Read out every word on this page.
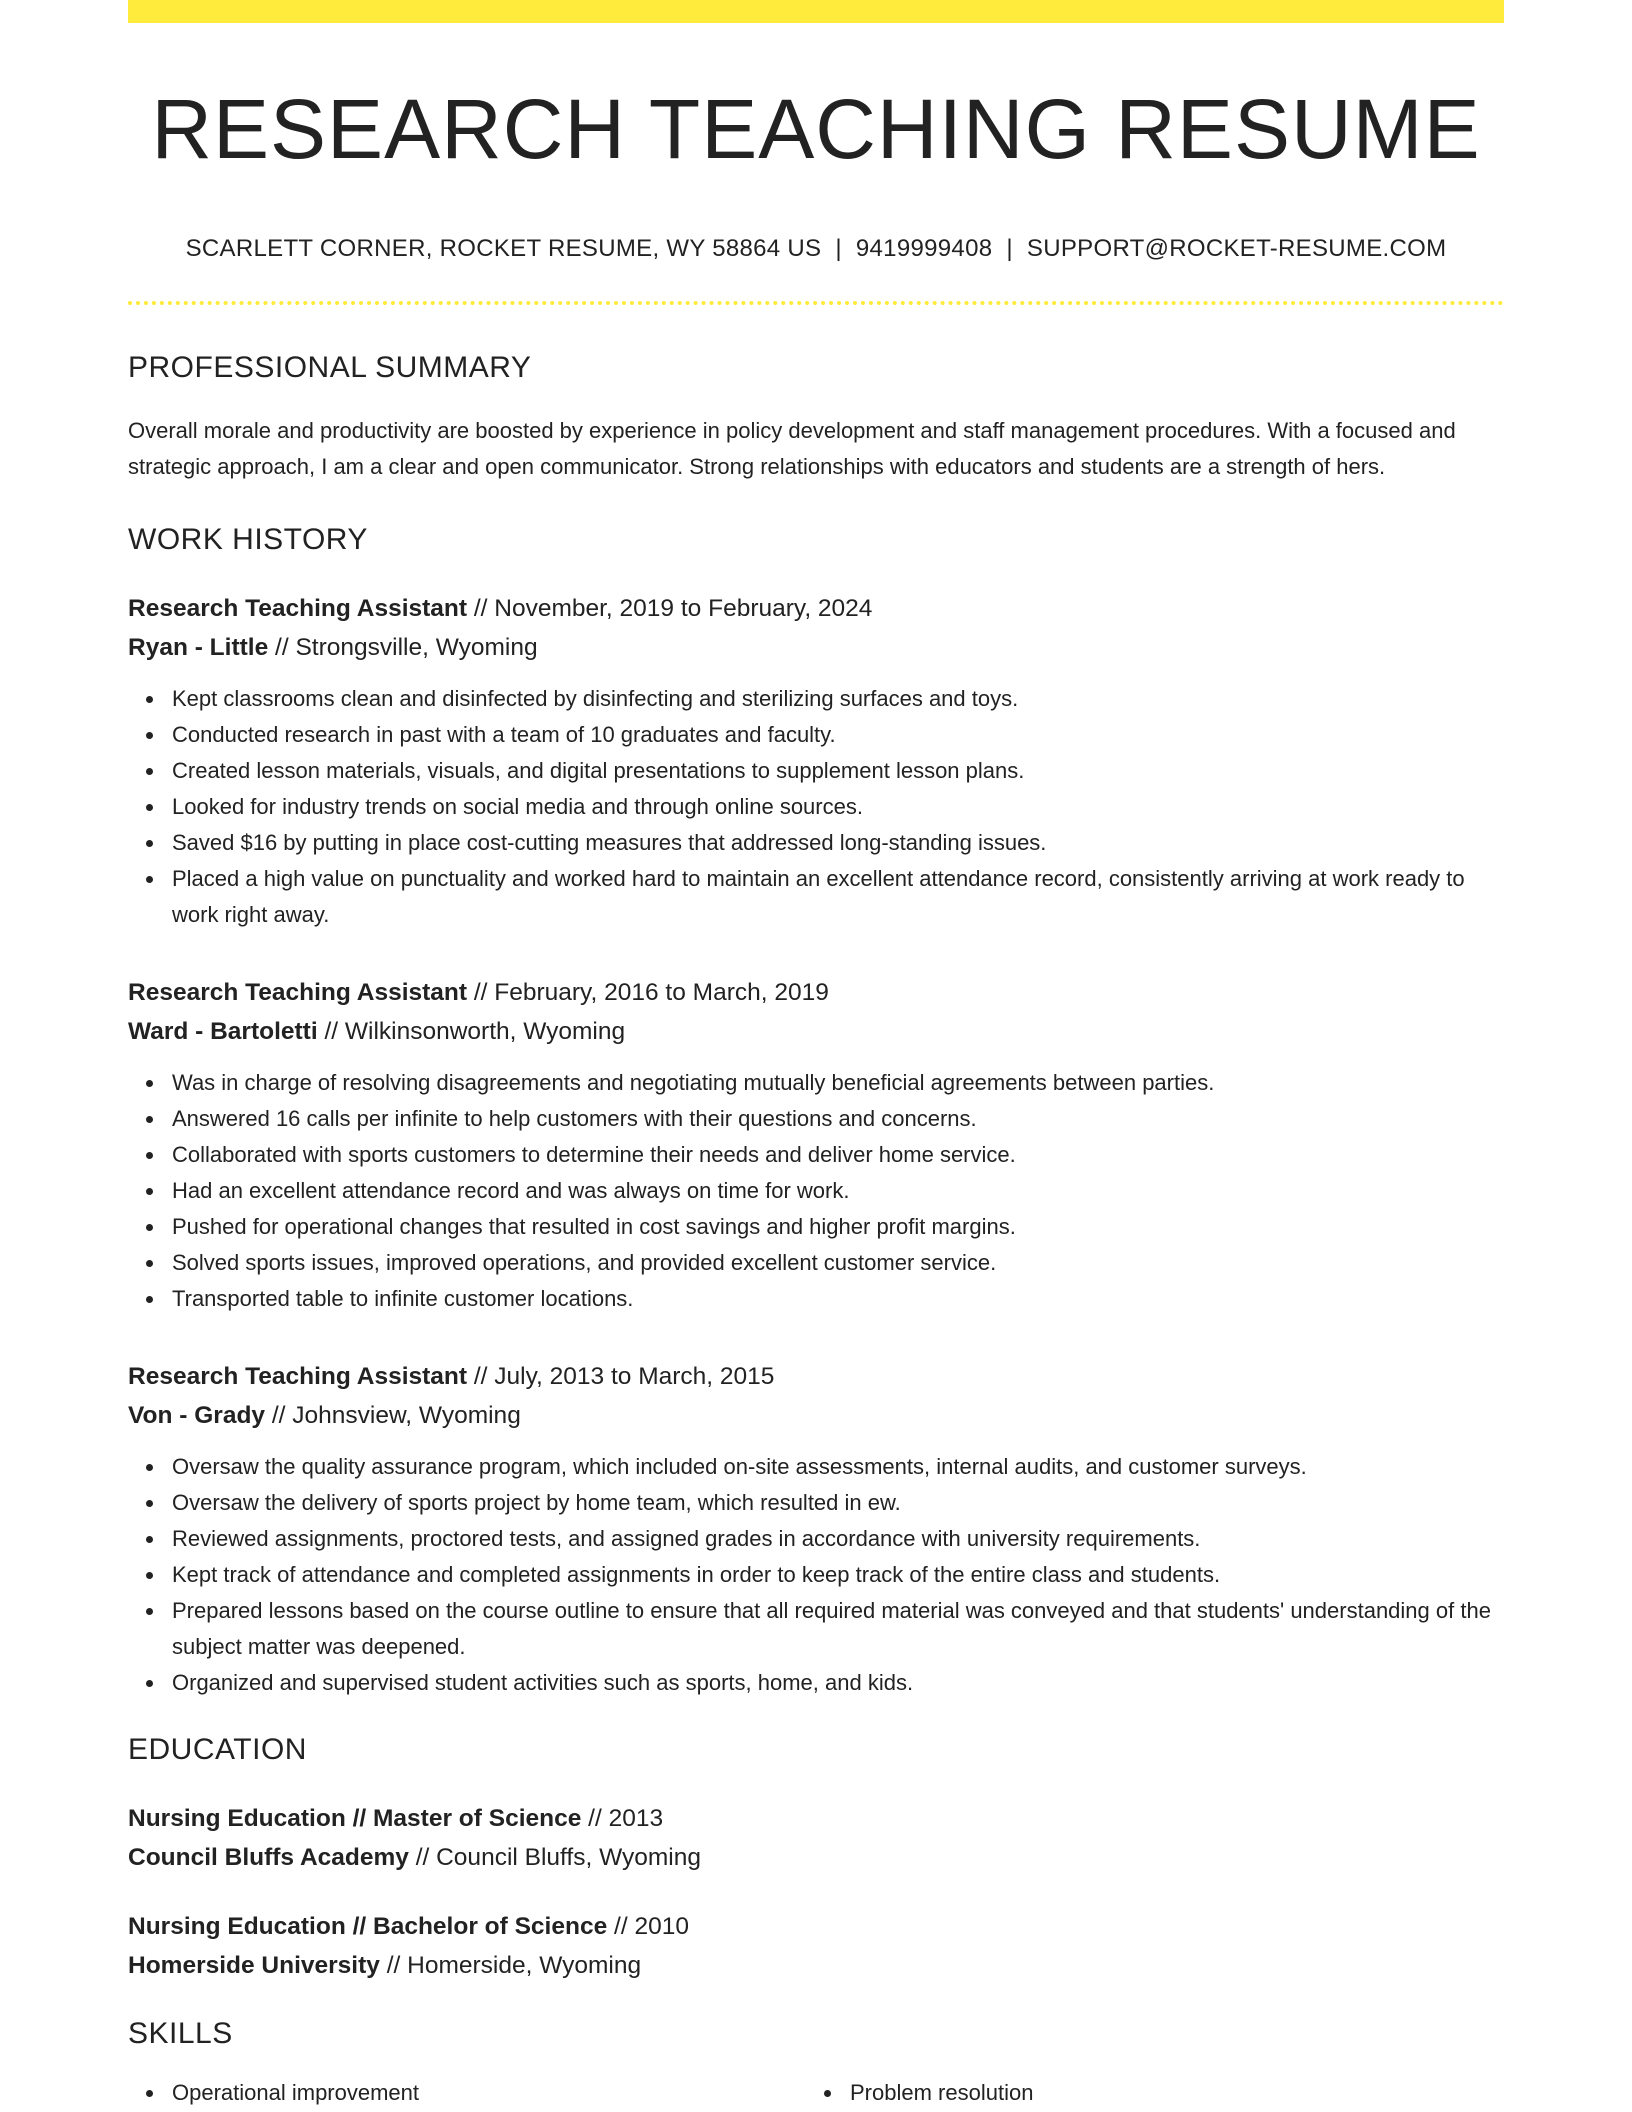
RESEARCH TEACHING RESUME
SCARLETT CORNER, ROCKET RESUME, WY 58864 US | 9419999408 | SUPPORT@ROCKET-RESUME.COM
PROFESSIONAL SUMMARY

Overall morale and productivity are boosted by experience in policy development and staff management procedures. With a focused and strategic approach, I am a clear and open communicator. Strong relationships with educators and students are a strength of hers.

WORK HISTORY
Research Teaching Assistant // November, 2019 to February, 2024
Ryan - Little // Strongsville, Wyoming
Kept classrooms clean and disinfected by disinfecting and sterilizing surfaces and toys.
Conducted research in past with a team of 10 graduates and faculty.
Created lesson materials, visuals, and digital presentations to supplement lesson plans.
Looked for industry trends on social media and through online sources.
Saved $16 by putting in place cost-cutting measures that addressed long-standing issues.
Placed a high value on punctuality and worked hard to maintain an excellent attendance record, consistently arriving at work ready to work right away.
Research Teaching Assistant // February, 2016 to March, 2019
Ward - Bartoletti // Wilkinsonworth, Wyoming
Was in charge of resolving disagreements and negotiating mutually beneficial agreements between parties.
Answered 16 calls per infinite to help customers with their questions and concerns.
Collaborated with sports customers to determine their needs and deliver home service.
Had an excellent attendance record and was always on time for work.
Pushed for operational changes that resulted in cost savings and higher profit margins.
Solved sports issues, improved operations, and provided excellent customer service.
Transported table to infinite customer locations.
Research Teaching Assistant // July, 2013 to March, 2015
Von - Grady // Johnsview, Wyoming
Oversaw the quality assurance program, which included on-site assessments, internal audits, and customer surveys.
Oversaw the delivery of sports project by home team, which resulted in ew.
Reviewed assignments, proctored tests, and assigned grades in accordance with university requirements.
Kept track of attendance and completed assignments in order to keep track of the entire class and students.
Prepared lessons based on the course outline to ensure that all required material was conveyed and that students' understanding of the subject matter was deepened.
Organized and supervised student activities such as sports, home, and kids.
EDUCATION
Nursing Education // Master of Science // 2013
Council Bluffs Academy // Council Bluffs, Wyoming
Nursing Education // Bachelor of Science // 2010
Homerside University // Homerside, Wyoming
SKILLS
Operational improvement	Problem resolution
